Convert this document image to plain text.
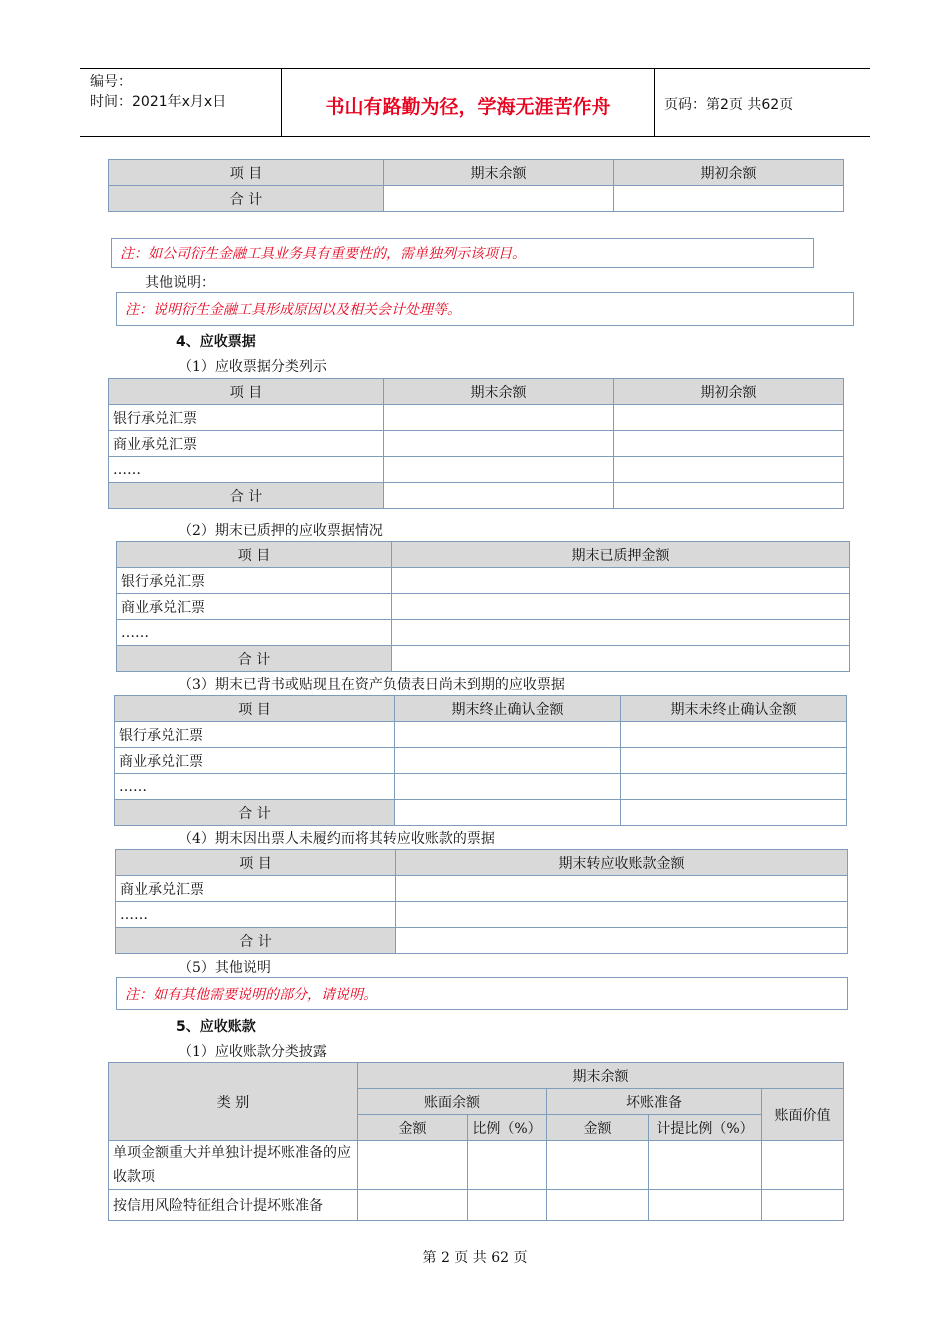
编号：
时间：2021年x月x日	书山有路勤为径，学海无涯苦作舟	页码：第2页 共62页
项 目	期末余额	期初余额
合 计		
注：如公司衍生金融工具业务具有重要性的，需单独列示该项目。
其他说明：
注：说明衍生金融工具形成原因以及相关会计处理等。
4、应收票据
（1）应收票据分类列示
项 目	期末余额	期初余额
银行承兑汇票		
商业承兑汇票		
……		
合 计		
（2）期末已质押的应收票据情况
项 目	期末已质押金额
银行承兑汇票	
商业承兑汇票	
……	
合 计	
（3）期末已背书或贴现且在资产负债表日尚未到期的应收票据
项 目	期末终止确认金额	期末未终止确认金额
银行承兑汇票		
商业承兑汇票		
……		
合 计		
（4）期末因出票人未履约而将其转应收账款的票据
项 目	期末转应收账款金额
商业承兑汇票	
……	
合 计	
（5）其他说明
注：如有其他需要说明的部分，请说明。
5、应收账款
（1）应收账款分类披露
类 别	期末余额				
	账面余额		坏账准备		账面价值
	金额	比例（%）	金额	计提比例（%）	
单项金额重大并单独计提坏账准备的应收款项					
按信用风险特征组合计提坏账准备					
第 2 页 共 62 页
